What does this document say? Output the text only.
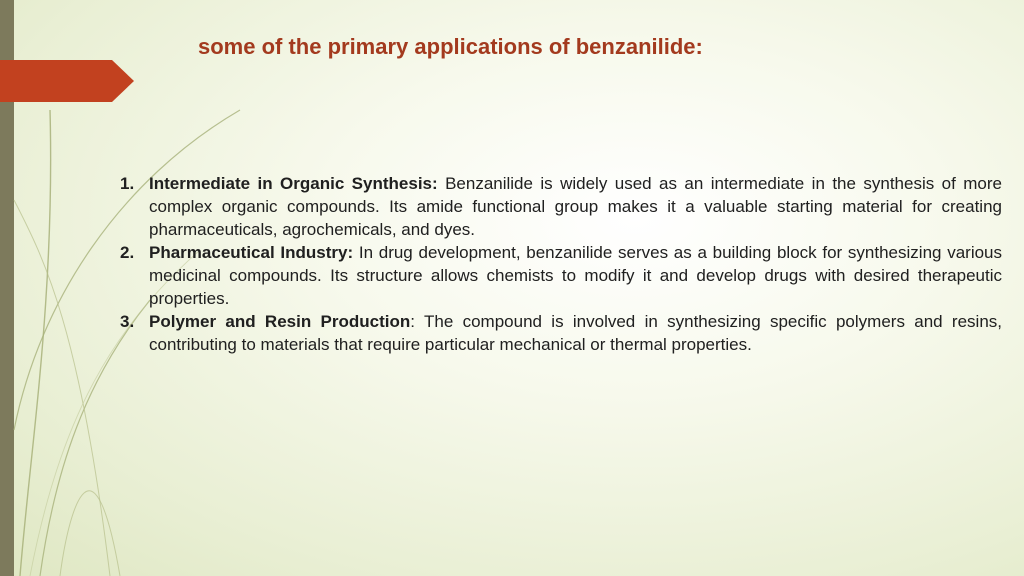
some of the primary applications of benzanilide:
1. Intermediate in Organic Synthesis: Benzanilide is widely used as an intermediate in the synthesis of more complex organic compounds. Its amide functional group makes it a valuable starting material for creating pharmaceuticals, agrochemicals, and dyes.
2. Pharmaceutical Industry: In drug development, benzanilide serves as a building block for synthesizing various medicinal compounds. Its structure allows chemists to modify it and develop drugs with desired therapeutic properties.
3. Polymer and Resin Production: The compound is involved in synthesizing specific polymers and resins, contributing to materials that require particular mechanical or thermal properties.
